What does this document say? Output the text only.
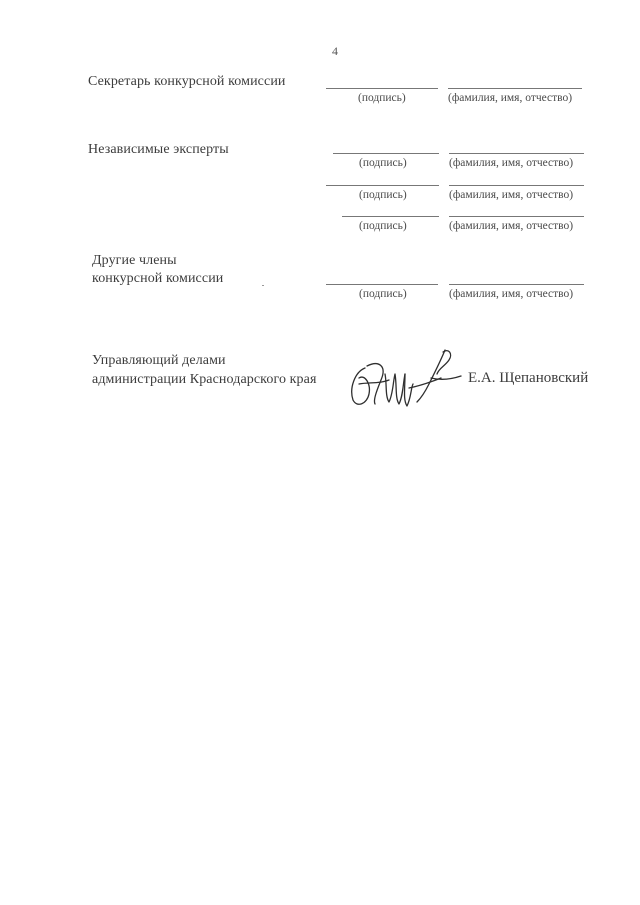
4
Секретарь конкурсной комиссии
(подпись)	(фамилия, имя, отчество)
Независимые эксперты
(подпись)	(фамилия, имя, отчество)
(подпись)	(фамилия, имя, отчество)
(подпись)	(фамилия, имя, отчество)
Другие члены
конкурсной комиссии
(подпись)	(фамилия, имя, отчество)
Управляющий делами
администрации Краснодарского края	Е.А. Щепановский
